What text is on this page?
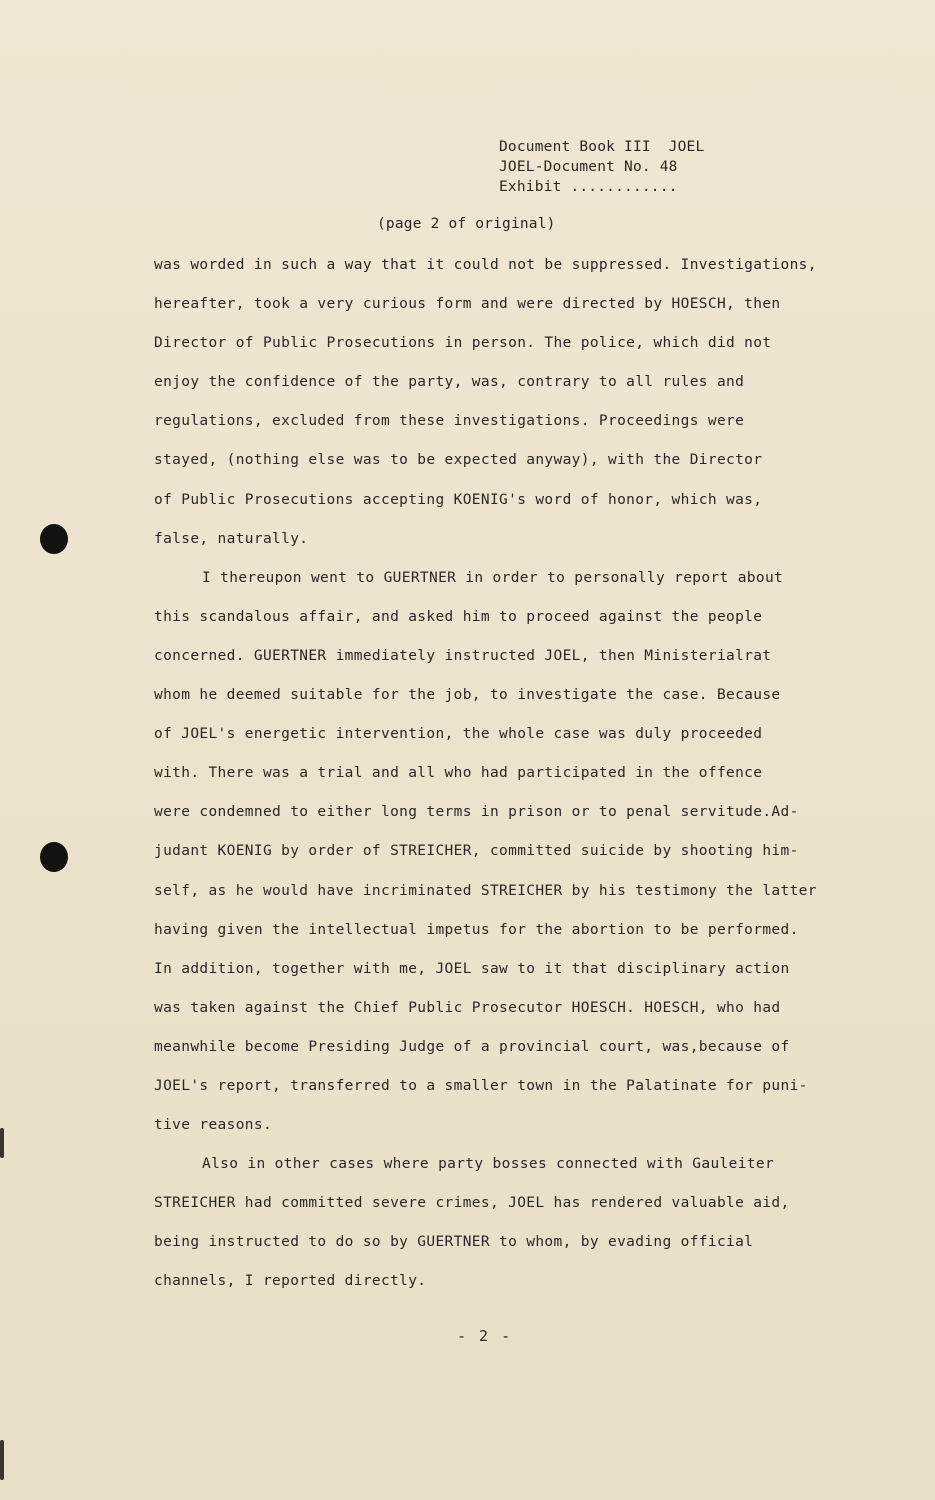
Document Book III  JOEL
JOEL-Document No. 48
Exhibit ............
(page 2 of original)
was worded in such a way that it could not be suppressed. Investigations,
hereafter, took a very curious form and were directed by HOESCH, then
Director of Public Prosecutions in person. The police, which did not
enjoy the confidence of the party, was, contrary to all rules and
regulations, excluded from these investigations. Proceedings were
stayed, (nothing else was to be expected anyway), with the Director
of Public Prosecutions accepting KOENIG's word of honor, which was,
false, naturally.
I thereupon went to GUERTNER in order to personally report about
this scandalous affair, and asked him to proceed against the people
concerned. GUERTNER immediately instructed JOEL, then Ministerialrat
whom he deemed suitable for the job, to investigate the case. Because
of JOEL's energetic intervention, the whole case was duly proceeded
with. There was a trial and all who had participated in the offence
were condemned to either long terms in prison or to penal servitude.Ad-
judant KOENIG by order of STREICHER, committed suicide by shooting him-
self, as he would have incriminated STREICHER by his testimony the latter
having given the intellectual impetus for the abortion to be performed.
In addition, together with me, JOEL saw to it that disciplinary action
was taken against the Chief Public Prosecutor HOESCH. HOESCH, who had
meanwhile become Presiding Judge of a provincial court, was,because of
JOEL's report, transferred to a smaller town in the Palatinate for puni-
tive reasons.
Also in other cases where party bosses connected with Gauleiter
STREICHER had committed severe crimes, JOEL has rendered valuable aid,
being instructed to do so by GUERTNER to whom, by evading official
channels, I reported directly.
- 2 -
